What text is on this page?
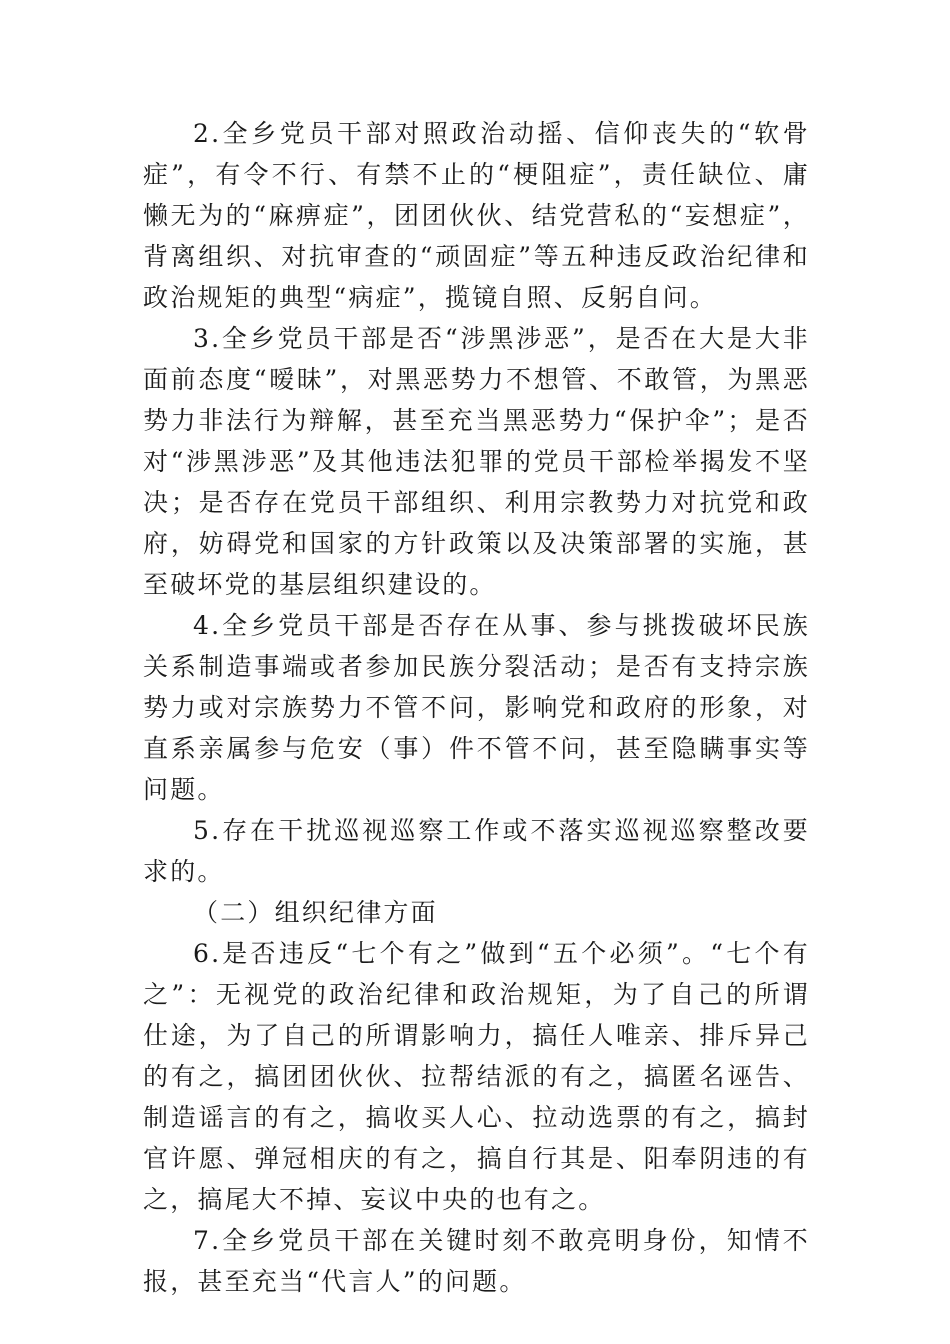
2.全乡党员干部对照政治动摇、信仰丧失的“软骨症”，有令不行、有禁不止的“梗阻症”，责任缺位、庸懒无为的“麻痹症”，团团伙伙、结党营私的“妄想症”，背离组织、对抗审查的“顽固症”等五种违反政治纪律和政治规矩的典型“病症”，揽镜自照、反躬自问。

3.全乡党员干部是否“涉黑涉恶”，是否在大是大非面前态度“暧昧”，对黑恶势力不想管、不敢管，为黑恶势力非法行为辩解，甚至充当黑恶势力“保护伞”；是否对“涉黑涉恶”及其他违法犯罪的党员干部检举揭发不坚决；是否存在党员干部组织、利用宗教势力对抗党和政府，妨碍党和国家的方针政策以及决策部署的实施，甚至破坏党的基层组织建设的。

4.全乡党员干部是否存在从事、参与挑拨破坏民族关系制造事端或者参加民族分裂活动；是否有支持宗族势力或对宗族势力不管不问，影响党和政府的形象，对直系亲属参与危安（事）件不管不问，甚至隐瞒事实等问题。

5.存在干扰巡视巡察工作或不落实巡视巡察整改要求的。

（二）组织纪律方面

6.是否违反“七个有之”做到“五个必须”。“七个有之”：无视党的政治纪律和政治规矩，为了自己的所谓仕途，为了自己的所谓影响力，搞任人唯亲、排斥异己的有之，搞团团伙伙、拉帮结派的有之，搞匿名诬告、制造谣言的有之，搞收买人心、拉动选票的有之，搞封官许愿、弹冠相庆的有之，搞自行其是、阳奉阴违的有之，搞尾大不掉、妄议中央的也有之。

7.全乡党员干部在关键时刻不敢亮明身份，知情不报，甚至充当“代言人”的问题。
